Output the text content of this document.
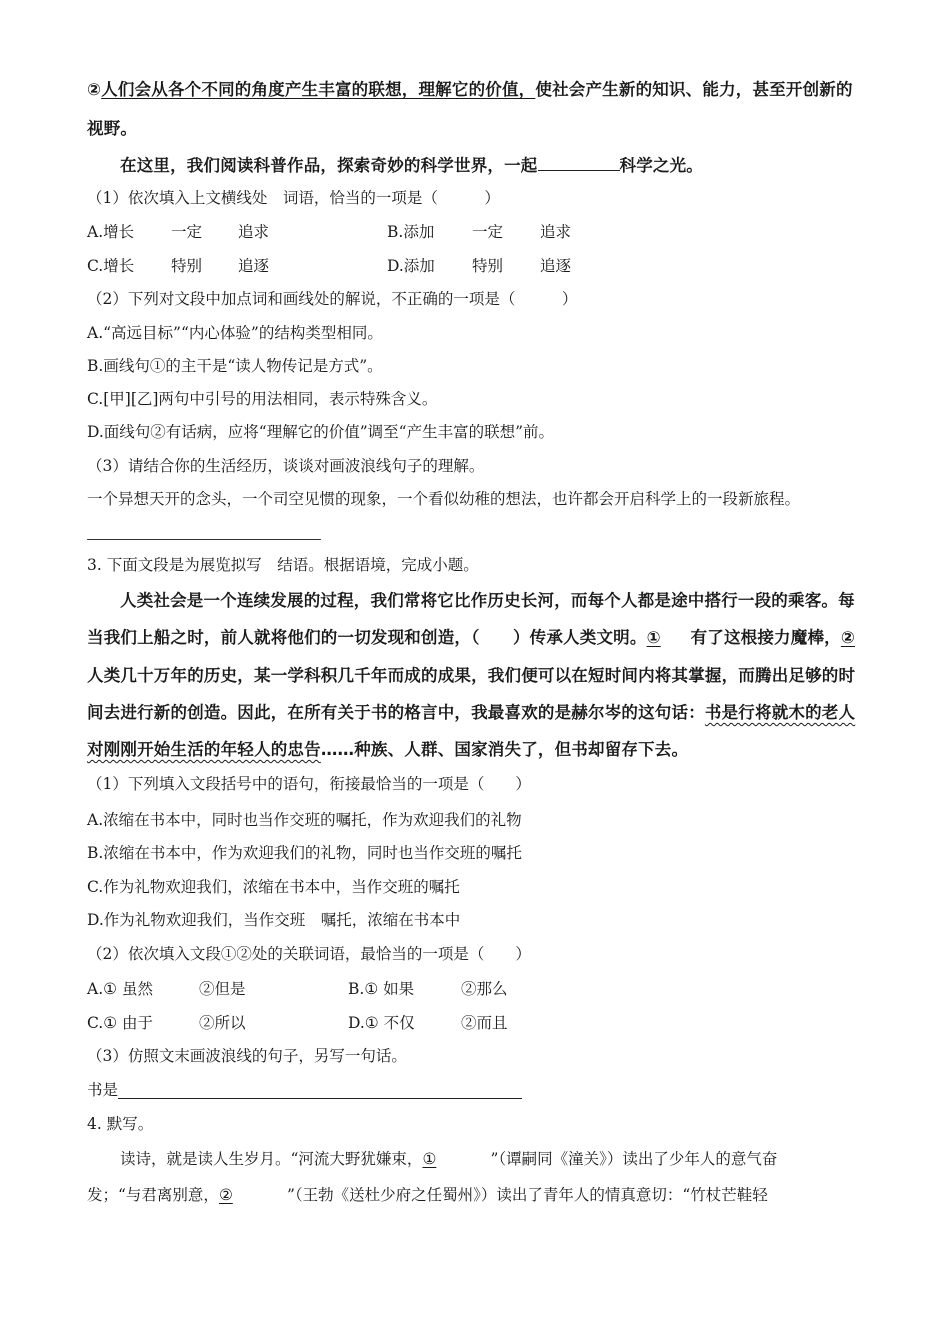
②人们会从各个不同的角度产生丰富的联想，理解它的价值，使社会产生新的知识、能力，甚至开创新的
视野。
在这里，我们阅读科普作品，探索奇妙的科学世界，一起	科学之光。
（1）依次填入上文横线处　词语，恰当的一项是（　　　）
A.增长 一定 追求	B.添加 一定 追求
C.增长 特别 追逐	D.添加 特别 追逐
（2）下列对文段中加点词和画线处的解说，不正确的一项是（　　　）
A.“高远目标”“内心体验”的结构类型相同。
B.画线句①的主干是“读人物传记是方式”。
C.[甲][乙]两句中引号的用法相同，表示特殊含义。
D.面线句②有话病，应将“理解它的价值”调至“产生丰富的联想”前。
（3）请结合你的生活经历，谈谈对画波浪线句子的理解。
一个异想天开的念头，一个司空见惯的现象，一个看似幼稚的想法，也许都会开启科学上的一段新旅程。
3. 下面文段是为展览拟写　结语。根据语境，完成小题。
人类社会是一个连续发展的过程，我们常将它比作历史长河，而每个人都是途中搭行一段的乘客。每
当我们上船之时，前人就将他们的一切发现和创造，（　　）传承人类文明。① 有了这根接力魔棒，②
人类几十万年的历史，某一学科积几千年而成的成果，我们便可以在短时间内将其掌握，而腾出足够的时
间去进行新的创造。因此，在所有关于书的格言中，我最喜欢的是赫尔岑的这句话：书是行将就木的老人
对刚刚开始生活的年轻人的忠告……种族、人群、国家消失了，但书却留存下去。
（1）下列填入文段括号中的语句，衔接最恰当的一项是（　　）
A.浓缩在书本中，同时也当作交班的嘱托，作为欢迎我们的礼物
B.浓缩在书本中，作为欢迎我们的礼物，同时也当作交班的嘱托
C.作为礼物欢迎我们，浓缩在书本中，当作交班的嘱托
D.作为礼物欢迎我们，当作交班　嘱托，浓缩在书本中
（2）依次填入文段①②处的关联词语，最恰当的一项是（　　）
A.① 虽然	②但是	B.① 如果	②那么
C.① 由于	②所以	D.① 不仅	②而且
（3）仿照文末画波浪线的句子，另写一句话。
书是
4. 默写。
读诗，就是读人生岁月。“河流大野犹嫌束，①	”（谭嗣同《潼关》）读出了少年人的意气奋
发；“与君离别意，②	”（王勃《送杜少府之任蜀州》）读出了青年人的情真意切：“竹杖芒鞋轻
